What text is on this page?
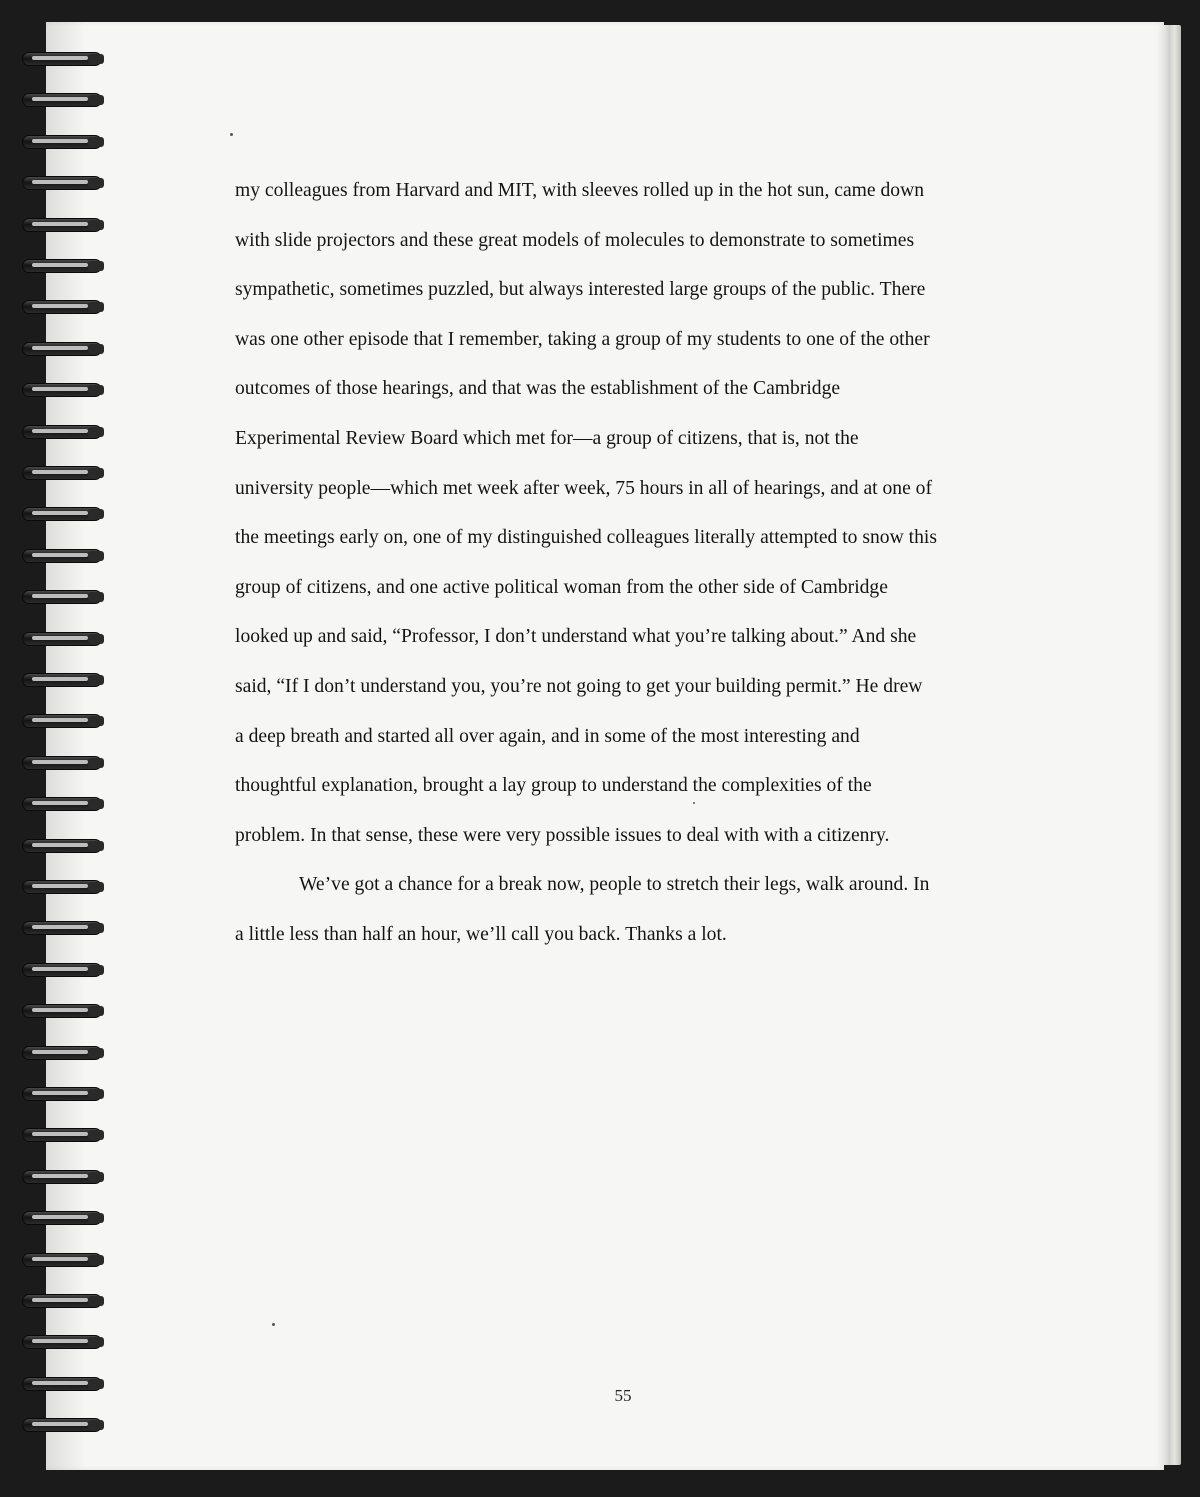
my colleagues from Harvard and MIT, with sleeves rolled up in the hot sun, came down
with slide projectors and these great models of molecules to demonstrate to sometimes
sympathetic, sometimes puzzled, but always interested large groups of the public. There
was one other episode that I remember, taking a group of my students to one of the other
outcomes of those hearings, and that was the establishment of the Cambridge
Experimental Review Board which met for—a group of citizens, that is, not the
university people—which met week after week, 75 hours in all of hearings, and at one of
the meetings early on, one of my distinguished colleagues literally attempted to snow this
group of citizens, and one active political woman from the other side of Cambridge
looked up and said, “Professor, I don’t understand what you’re talking about.” And she
said, “If I don’t understand you, you’re not going to get your building permit.” He drew
a deep breath and started all over again, and in some of the most interesting and
thoughtful explanation, brought a lay group to understand the complexities of the
problem. In that sense, these were very possible issues to deal with with a citizenry.
We’ve got a chance for a break now, people to stretch their legs, walk around. In
a little less than half an hour, we’ll call you back. Thanks a lot.
55
